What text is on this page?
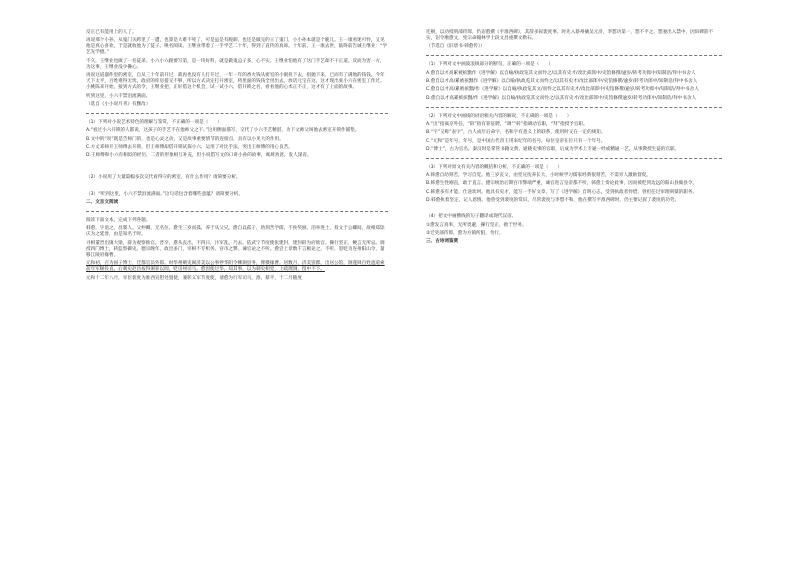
反正已有能用上的人了。

再说那个小孙，从鬼门关跨里了一遭，也算是大难不死了，可是虽是有脱卸，也还是做完的立了鬼门，小小孙本就是个脆儿。王一康看迷可怜，又见他是真心喜欢，于是就收他为了徒子。唤名阅读。王继业带着了一手学艺二十年，得到了直传的真谛。十年前，王一康去世，临终前告诫王继业：“学艺先学德。”

不久，王继业也做了一名徒弟。小六小六跟要写第，是一块好料，就是做鬼总子多，心不实。王继业怕他有了这门手艺却不干正道，反而为害一方，为这事，王继业没少操心。

再说这道器件里的密室，自从三十年前开过，就再也没有人打开过，一年一年的香火钱从密室的小洞投下去，捐抛下来，已而有了满地的钱钱。今年天下太平，百姓难得无忧，政府的库房提交不够，所以方式决定打开密室，将里面的钱钱全用出去。放话元宝在这，这才现出张小六在密室工作过。小桃陈来开始，接到方式的令，王继业把，正好借这个机会，试一试小六，借开锁之名，看看他的心术正不正，这才有了上面的故事。

听到这里，小六不禁泪流满面。

（选自《小小说月刊》有删改）

（1）下列对小说艺术特色的理解与鉴赏，不正确的一项是（　　）

A.“看过小六开锁的人都说，这孩子的手艺不在他师父之下。”这用侧面描写，交代了小六手艺精湛，为下文师父叫他去密室开锁作铺垫。

B.文中的“叹”既是告师门的，也是心灵之动，又是故事重要情节的连接点，具有以小见大的作用。

C.方丈邓师开王师傅去开锁，但王师傅却借开锁试探小六，运用了对比手法，突出王师傅的用心良苦。

D.王师傅和小六有相似的经历，二者的形象相互补充，但小说借写文的口讲小孙的故事，寓规劝意，发人深省。

（2）小说用了大量篇幅多次交代看得守的密室，有什么作用？请简要分析。

（3）“听到这里，小六不禁泪流满面。”这句话包含着哪些意蕴？请简要分析。

二、文言文阅读

阅读下面文本，完成下列各题。

韩愈，字退之，昌黎人。父仲卿，无名位。愈生三岁而孤，养于从父兄。愈自以孤子，幼刻苦学儒，不俟奖励。洎举进士，投文于公卿间，故相郑馀庆为之延誉，由是知名于时。

寻相董晋出镇大梁，辟为观察推官。晋卒，愈从丧出，不四日，汴军乱，乃去。依武宁节度使张建封，建封辟为府推官。操行坚正，鲠言无所忌。调授四门博士，转监察御史。德宗晚年，政出多门，宰相不专机务。宫市之弊，谏官论之不听。愈尝上章数千言极论之，不听，怒贬为连州阳山令，量移江陵府掾曹。

元和初，召为国子博士，迁都官员外郎。时华州刺史阎济美以公事停华阴令柳涧县务，俾摄掾曹。居数月，济美罢郡，出居公馆，涧遂讽百姓遮道索前年军顿役直。后刺史赵昌按得涧罪以闻，贬房州司马。愈因使过华，知其事，以为刺史相党，上疏理涧，留中不下。

元和十二年八月，宰臣裴度为淮西宣慰处置使，兼彰义军节度使，请愈为行军司马，淮、蔡平，十二月随度

还朝，以功授刑部侍郎，仍诏愈撰《平淮西碑》，其辞多叙裴度事。时先入蔡州擒吴元济，李愬功第一，愬不平之。愬妻出入禁中，因诉碑辞不实，诏令磨愈文，宪宗命翰林学士段文昌重撰文勒石。

（节选自《旧唐书·韩愈传》）

（1）下列对文中画波浪线部分的断句，正确的一项是（　　）

A.愈自以才高累被摈黜作《进学解》以自喻/执政览其文而怜之/以其有史才/改比部郎中/史馆修撰/逾岁/转考功郎中/知制诰/拜中书舍人

B.愈自以才高/累被摈黜作《进学解》以自喻/执政览其文而怜之/以其有史才/改比部郎中/史馆修撰/逾岁/转考功郎中/知制诰/拜中书舍人

C.愈自以才高/累被摈黜/作《进学解》以自喻/执政览其文/而怜之以其有史才/改比部郎中/史馆修撰/逾岁/转考功郎中/知制诰/拜中书舍人

D.愈自以才高累被摈黜/作《进学解》以自喻/执政览其文而怜之/以其有史才/改比部郎中/史馆修撰逾岁/转考功郎中/知制诰/拜中书舍人

（2）下列对文中画线的词语相关内容的解说，不正确的一项是（　　）

A.“出”指离京外任，“辟”指有罪征聘，“调”“转”指调动官职，“拜”指授予官职。

B.“字”又称“表字”，古人成年后命字，名和字有意义上的联系，使用时又在一定的规矩。

C.“元和”是年号，年号，是中国古代帝王用来纪年的名号，每位皇帝在位只有一个年号。

D.“博士”，古为官名。秦汉时是掌管书籍文典、通晓史事的官职，后成为学术上专通一经或精通一艺、从事教授生徒的官职。

（3）下列对原文有关内容的概括和分析，不正确的一项是（　　）

A.韩愈自幼刻苦，学习自觉。他三岁丧父，由堂兄抚养长大，小时候学习儒家经典很刻苦，不需旁人激励督促。

B.韩愈生性刚直，敢于直言。德宗统治后期宫市弊端严重，谏官进言皇帝都不听，韩愈上奏论此事，因而被贬到边远的阳山县做县令。

C.韩愈多有才能，仕途坎坷。他具有史才，能写一手好文章，写了《进学解》自明心志，受到执政者怜惜，曾担任过审理刑狱的职务。

D.韩愈执着坚定，记人恩情。他曾受到裴度的赏识，尽管裴度与李愬不和，他在撰写平淮西碑时，仍主要记叙了裴度的功劳。

（4）把文中画横线的句子翻译成现代汉语。

①愈发言真率，无所畏避，操行坚正，拙于世务。

②迁吏部侍郎，愈为方镇所阻，勿行。

三、古诗词鉴赏
